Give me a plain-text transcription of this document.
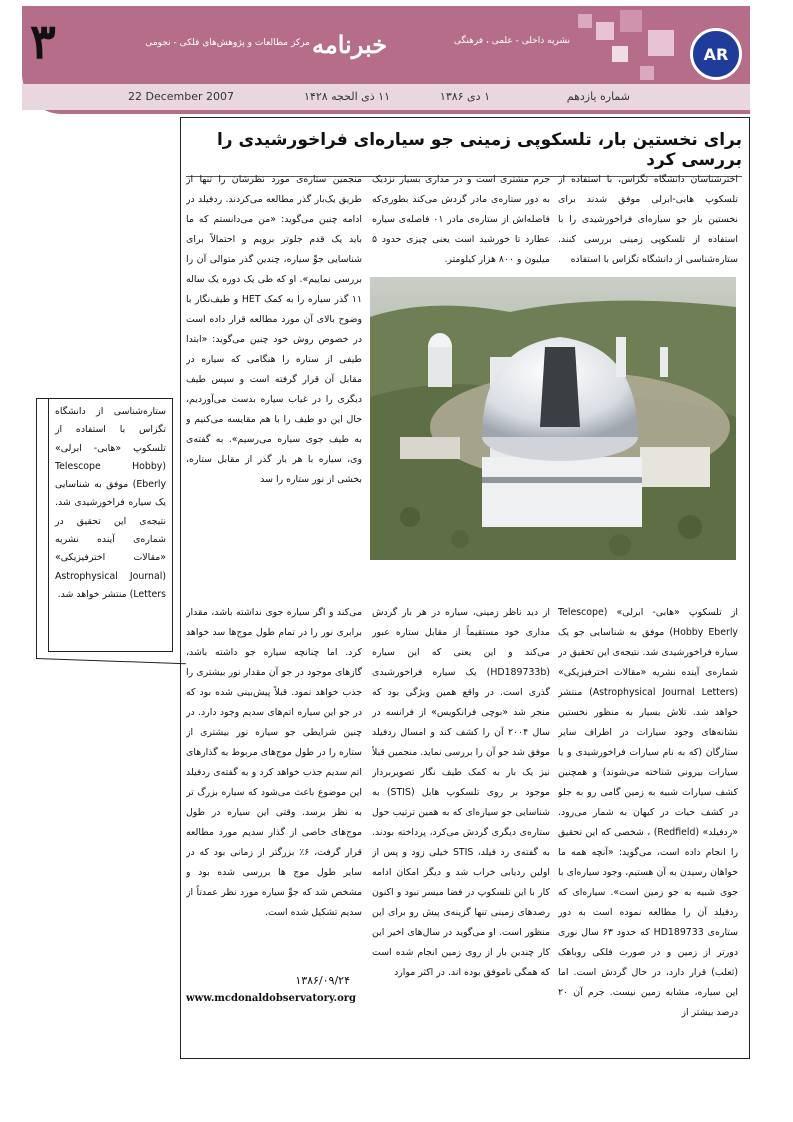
۳	مرکز مطالعات و پژوهش‌های فلکی - نجومی خبرنامه	نشریه داخلی - علمی ، فرهنگی
AR
شماره یازدهم
۱ دی ۱۳۸۶
۱۱ ذی الحجه ۱۴۲۸
22 December 2007
برای نخستین بار، تلسکوپی زمینی جو سیاره‌ای فراخورشیدی را بررسی کرد

اخترشناسان دانشگاه تگزاس، با استفاده از تلسکوپ هابی-ابرلی موفق شدند برای نخستین بار جو سیاره‌ای فراخورشیدی را با استفاده از تلسکوپی زمینی بررسی کنند. ستاره‌شناسی از دانشگاه تگزاس با استفاده

جرم مشتری است و در مداری بسیار نزدیک به دور ستاره‌ی مادر گردش می‌کند بطوری‌که فاصله‌اش از ستاره‌ی مادر ۰۱ فاصله‌ی سیاره عطارد تا خورشید است یعنی چیزی حدود ۵ میلیون و ۸۰۰ هزار کیلومتر.

منجمین ستاره‌ی مورد نظرشان را تنها از طریق یک‌بار گذر مطالعه می‌کردند. ردفیلد در ادامه چنین می‌گوید: «من می‌دانستم که ما باید یک قدم جلوتر برویم و احتمالاً برای شناسایی جوِّ سیاره، چندین گذر متوالی آن را بررسی نماییم». او که طی یک دوره یک ساله ۱۱ گذر سیاره را به کمک HET و طیف‌نگار با وضوح بالای آن مورد مطالعه قرار داده است در خصوص روش خود چنین می‌گوید: «ابتدا طیفی از ستاره را هنگامی که سیاره در مقابل آن قرار گرفته است و سپس طیف دیگری را در غیاب سیاره بدست می‌آوردیم، حال این دو طیف را با هم مقایسه می‌کنیم و به طیف جوی سیاره می‌رسیم». به گفته‌ی وی، سیاره با هر بار گذر از مقابل ستاره، بخشی از نور ستاره را سد

از تلسکوپ «هابی- ابرلی» (Telescope Hobby Eberly) موفق به شناسایی جو یک سیاره فراخورشیدی شد. نتیجه‌ی این تحقیق در شماره‌ی آینده نشریه «مقالات اخترفیزیکی» (Astrophysical Journal Letters) منتشر خواهد شد. تلاش بسیار به منظور نخستین نشانه‌های وجود سیارات در اطراف سایر ستارگان (که به نام سیارات فراخورشیدی و یا سیارات بیرونی شناخته می‌شوند) و همچنین کشف سیارات شبیه به زمین گامی رو به جلو در کشف حیات در کیهان به شمار می‌رود. «ردفیلد» (Redfield) ، شخصی که این تحقیق را انجام داده است، می‌گوید: «آنچه همه ما خواهان رسیدن به آن هستیم، وجود سیاره‌ای با جوی شبیه به جو زمین است». سیاره‌ای که ردفیلد آن را مطالعه نموده است به دور ستاره‌ی HD189733 که حدود ۶۳ سال نوری دورتر از زمین و در صورت فلکی روباهک (ثعلب) قرار دارد، در حال گردش است. اما این سیاره، مشابه زمین نیست. جرم آن ۲۰ درصد بیشتر از

از دید ناظر زمینی، سیاره در هر بار گردش مداری خود مستقیماً از مقابل ستاره عبور می‌کند و این یعنی که این سیاره (HD189733b) یک سیاره فراخورشیدی گذری است. در واقع همین ویژگی بود که منجر شد «بوچی فرانکویس» از فرانسه در سال ۲۰۰۴ آن را کشف کند و امسال ردفیلد موفق شد جو آن را بررسی نماید. منجمین قبلاً نیز یک بار به کمک طیف نگار تصویربردار موجود بر روی تلسکوپ هابل (STIS) به شناسایی جو سیاره‌ای که به همین ترتیب حول ستاره‌ی دیگری گردش می‌کرد، پرداخته بودند. به گفته‌ی رد فیلد، STIS خیلی زود و پس از اولین ردیابی خراب شد و دیگر امکان ادامه کار با این تلسکوپ در فضا میسر نبود و اکنون رصدهای زمینی تنها گزینه‌ی پیش رو برای این منظور است. او می‌گوید در سال‌های اخیر این کار چندین بار از روی زمین انجام شده است که همگی ناموفق بوده اند. در اکثر موارد

می‌کند و اگر سیاره جوی نداشته باشد، مقدار برابری نور را در تمام طول موج‌ها سد خواهد کرد. اما چنانچه سیاره جو داشته باشد، گازهای موجود در جو آن مقدار نور بیشتری را جذب خواهد نمود. قبلاً پیش‌بینی شده بود که در جو این سیاره اتم‌های سدیم وجود دارد. در چنین شرایطی جو سیاره نور بیشتری از ستاره را در طول موج‌های مربوط به گذارهای اتم سدیم جذب خواهد کرد و به گفته‌ی ردفیلد این موضوع باعث می‌شود که سیاره بزرگ تر به نظر برسد. وقتی این سیاره در طول موج‌های خاصی از گذار سدیم مورد مطالعه قرار گرفت، ۶٪ بزرگتر از زمانی بود که در سایر طول موج ها بررسی شده بود و مشخص شد که جوِّ سیاره مورد نظر عمدتاً از سدیم تشکیل شده است.

۱۳۸۶/۰۹/۲۴
www.mcdonaldobservatory.org
ستاره‌شناسی از دانشگاه تگزاس با استفاده از تلسکوپ «هابی- ابرلی» (Telescope Hobby Eberly) موفق به شناسایی یک سیاره فراخورشیدی شد. نتیجه‌ی این تحقیق در شماره‌ی آینده نشریه «مقالات اخترفیزیکی» (Astrophysical Journal Letters) منتشر خواهد شد.
